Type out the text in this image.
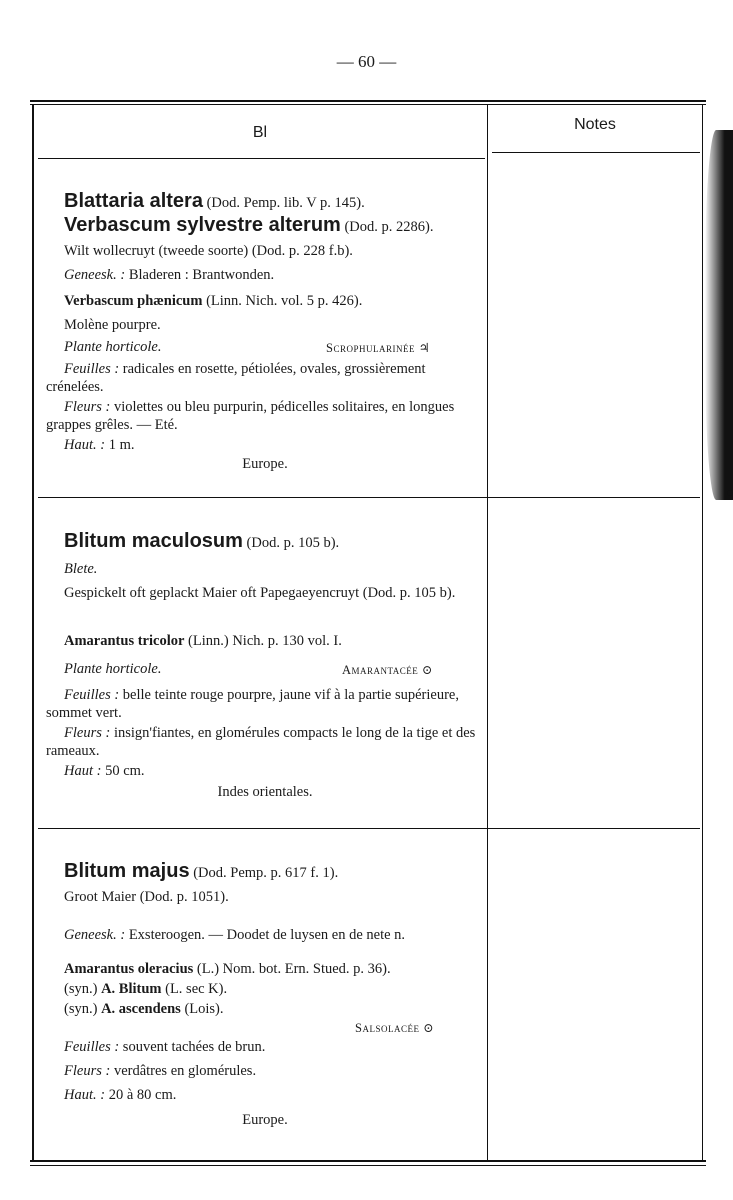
— 60 —
Bl	Notes
Blattaria altera (Dod. Pemp. lib. V p. 145).
Verbascum sylvestre alterum (Dod. p. 2286).
Wilt wollecruyt (tweede soorte) (Dod. p. 228 f.b).
Geneesk. : Bladeren : Brantwonden.
Verbascum phænicum (Linn. Nich. vol. 5 p. 426).
Molène pourpre.
Plante horticole.	Scrophularinée ♃
Feuilles : radicales en rosette, pétiolées, ovales, grossièrement crénelées.
Fleurs : violettes ou bleu purpurin, pédicelles solitaires, en longues grappes grêles. — Eté.
Haut. : 1 m.
Europe.
Blitum maculosum (Dod. p. 105 b).
Blete.
Gespickelt oft geplackt Maier oft Papegaeyencruyt (Dod. p. 105 b).
Amarantus tricolor (Linn.) Nich. p. 130 vol. I.
Plante horticole.	Amarantacée ⊙
Feuilles : belle teinte rouge pourpre, jaune vif à la partie supérieure, sommet vert.
Fleurs : insign'fiantes, en glomérules compacts le long de la tige et des rameaux.
Haut : 50 cm.
Indes orientales.
Blitum majus (Dod. Pemp. p. 617 f. 1).
Groot Maier (Dod. p. 1051).
Geneesk. : Exsteroogen. — Doodet de luysen en de nete n.
Amarantus oleracius (L.) Nom. bot. Ern. Stued. p. 36).
(syn.) A. Blitum (L. sec K).
(syn.) A. ascendens (Lois).
Salsolacée ⊙
Feuilles : souvent tachées de brun.
Fleurs : verdâtres en glomérules.
Haut. : 20 à 80 cm.
Europe.
